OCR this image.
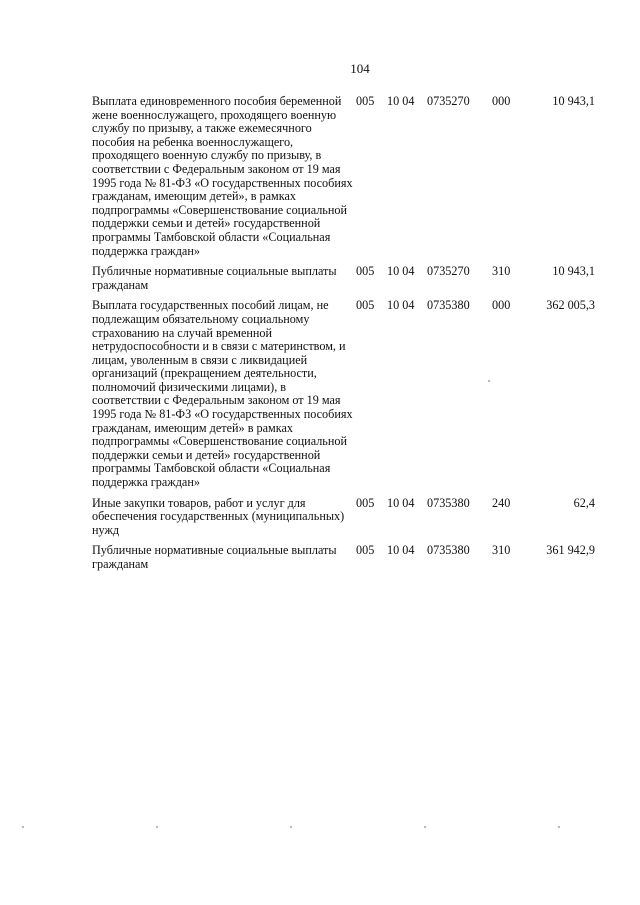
104
Выплата единовременного пособия беременной жене военнослужащего, проходящего военную службу по призыву, а также ежемесячного пособия на ребенка военнослужащего, проходящего военную службу по призыву, в соответствии с Федеральным законом от 19 мая 1995 года № 81-ФЗ «О государственных пособиях гражданам, имеющим детей», в рамках подпрограммы «Совершенствование социальной поддержки семьи и детей» государственной программы Тамбовской области «Социальная поддержка граждан»	005	10 04	0735270	000	10 943,1

Публичные нормативные социальные выплаты гражданам	005	10 04	0735270	310	10 943,1

Выплата государственных пособий лицам, не подлежащим обязательному социальному страхованию на случай временной нетрудоспособности и в связи с материнством, и лицам, уволенным в связи с ликвидацией организаций (прекращением деятельности, полномочий физическими лицами), в соответствии с Федеральным законом от 19 мая 1995 года № 81-ФЗ «О государственных пособиях гражданам, имеющим детей» в рамках подпрограммы «Совершенствование социальной поддержки семьи и детей» государственной программы Тамбовской области «Социальная поддержка граждан»	005	10 04	0735380	000	362 005,3

Иные закупки товаров, работ и услуг для обеспечения государственных (муниципальных) нужд	005	10 04	0735380	240	62,4

Публичные нормативные социальные выплаты гражданам	005	10 04	0735380	310	361 942,9
